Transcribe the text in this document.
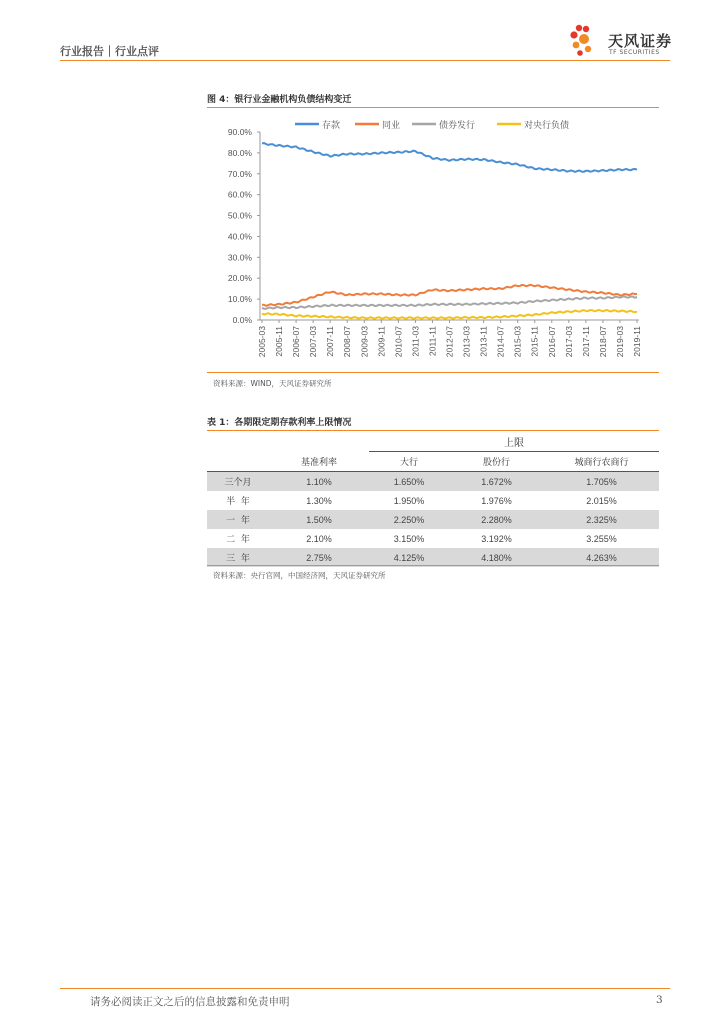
行业报告｜行业点评
天风证券
TF SECURITIES
图 4：银行业金融机构负债结构变迁
90.0%
80.0%
70.0%
60.0%
50.0%
40.0%
30.0%
20.0%
10.0%
0.0%
2005-03 2005-11 2006-07 2007-03 2007-11 2008-07 2009-03 2009-11 2010-07 2011-03 2011-11 2012-07 2013-03 2013-11 2014-07 2015-03 2015-11 2016-07 2017-03 2017-11 2018-07 2019-03 2019-11
存款	同业	债券发行	对央行负债
资料来源：WIND，天风证券研究所
表 1：各期限定期存款利率上限情况
		上限		
	基准利率	大行	股份行	城商行农商行
三个月	1.10%	1.650%	1.672%	1.705%
半  年	1.30%	1.950%	1.976%	2.015%
一  年	1.50%	2.250%	2.280%	2.325%
二  年	2.10%	3.150%	3.192%	3.255%
三  年	2.75%	4.125%	4.180%	4.263%
资料来源：央行官网，中国经济网，天风证券研究所
请务必阅读正文之后的信息披露和免责申明	3
